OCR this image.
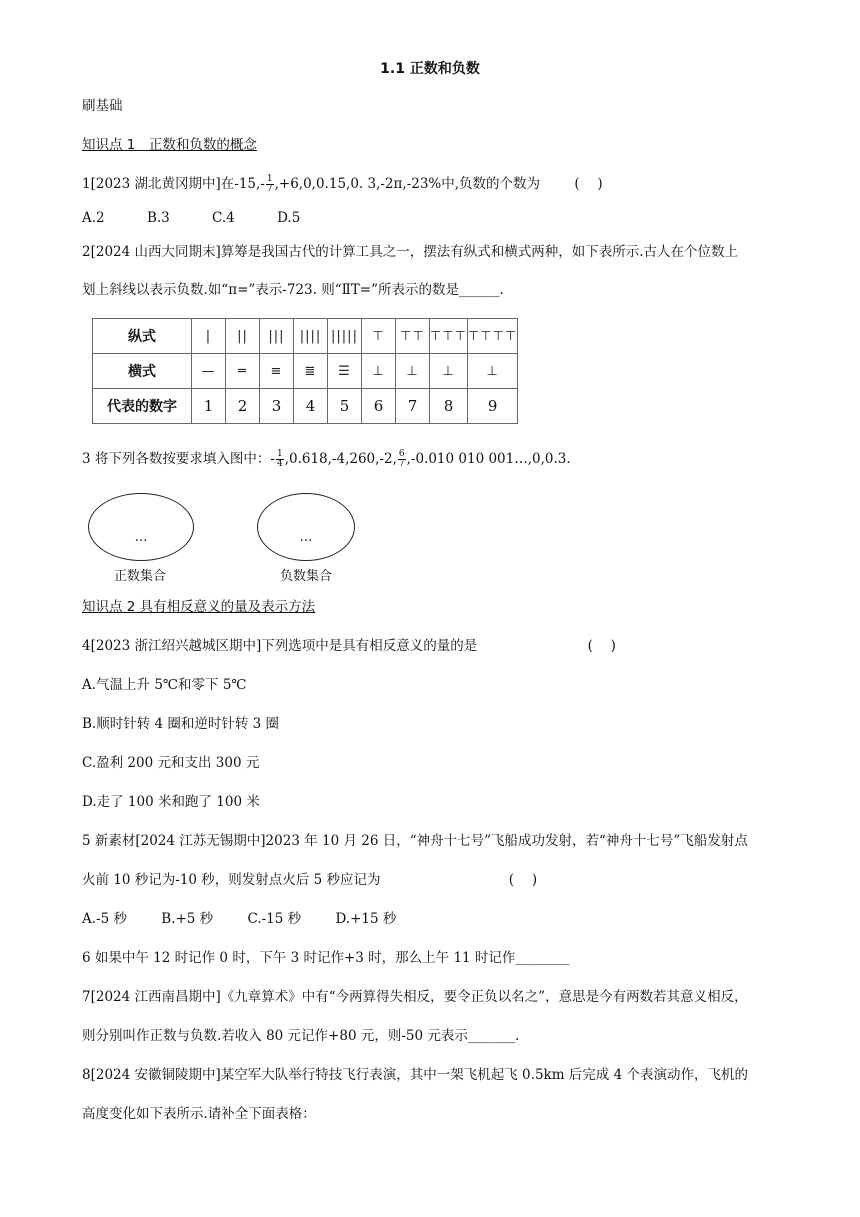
1.1 正数和负数
刷基础
知识点 1　正数和负数的概念
1[2023 湖北黄冈期中]在$-15,- \frac{1}{7} ,+6,0,0.15,0$. 3,-2π,-23%中,负数的个数为	(　 )
A.2	B.3	C.4	D.5
2[2024 山西大同期末]算筹是我国古代的计算工具之一，摆法有纵式和横式两种，如下表所示.古人在个位数上
划上斜线以表示负数.如“π=”表示-723. 则“ⅡT=”所表示的数是______.
纵式	|	||	|||	||||	|||||	⊤	⊤⊤	⊤⊤⊤	⊤⊤⊤⊤
横式	—	═	≡	≣	☰	⊥	⊥	⊥	⊥
代表的数字	1	2	3	4	5	6	7	8	9
3 将下列各数按要求填入图中：- $\frac{1}{4} ,0.618,-4,260,-2$, $\frac{6}{7} ,-0.010$ 010 001…,0,0.3.
…
正数集合
…
负数集合
知识点 2 具有相反意义的量及表示方法
4[2023 浙江绍兴越城区期中]下列选项中是具有相反意义的量的是	(　 )
A.气温上升 5℃和零下 5℃
B.顺时针转 4 圈和逆时针转 3 圈
C.盈利 200 元和支出 300 元
D.走了 100 米和跑了 100 米
5 新素材[2024 江苏无锡期中]2023 年 10 月 26 日，“神舟十七号”飞船成功发射，若“神舟十七号”飞船发射点
火前 10 秒记为-10 秒，则发射点火后 5 秒应记为	(　 )
A.-5 秒	B.+5 秒	C.-15 秒	D.+15 秒
6 如果中午 12 时记作 0 时，下午 3 时记作+3 时，那么上午 11 时记作________
7[2024 江西南昌期中]《九章算术》中有“今两算得失相反，要令正负以名之”，意思是今有两数若其意义相反，
则分别叫作正数与负数.若收入 80 元记作+80 元，则-50 元表示_______.
8[2024 安徽铜陵期中]某空军大队举行特技飞行表演，其中一架飞机起飞 0.5km 后完成 4 个表演动作，飞机的
高度变化如下表所示.请补全下面表格：
